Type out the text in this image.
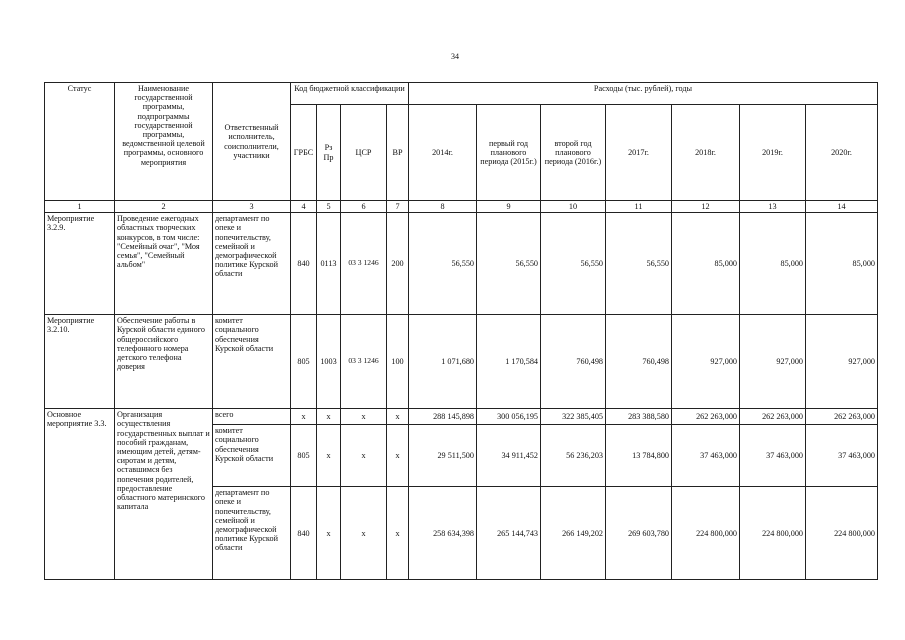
34
Статус	Наименование государственной программы, подпрограммы государственной программы, ведомственной целевой программы, основного мероприятия	Ответственный исполнитель, соисполнители, участники	Код бюджетной классификации				Расходы (тыс. рублей), годы						
			ГРБС	Рз Пр	ЦСР	ВР	2014г.	первый год планового периода (2015г.)	второй год планового периода (2016г.)	2017г.	2018г.	2019г.	2020г.
1	2	3	4	5	6	7	8	9	10	11	12	13	14
Мероприятие 3.2.9.	Проведение ежегодных областных творческих конкурсов, в том числе: "Семейный очаг", "Моя семья", "Семейный альбом"	департамент по опеке и попечительству, семейной и демографической политике Курской области	840	0113	03 3 1246	200	56,550	56,550	56,550	56,550	85,000	85,000	85,000
Мероприятие 3.2.10.	Обеспечение работы в Курской области единого общероссийского телефонного номера детского телефона доверия	комитет социального обеспечения Курской области	805	1003	03 3 1246	100	1 071,680	1 170,584	760,498	760,498	927,000	927,000	927,000
Основное мероприятие 3.3.	Организация осуществления государственных выплат и пособий гражданам, имеющим детей, детям-сиротам и детям, оставшимся без попечения родителей, предоставление областного материнского капитала	всего	x	x	x	x	288 145,898	300 056,195	322 385,405	283 388,580	262 263,000	262 263,000	262 263,000
		комитет социального обеспечения Курской области	805	x	x	x	29 511,500	34 911,452	56 236,203	13 784,800	37 463,000	37 463,000	37 463,000
		департамент по опеке и попечительству, семейной и демографической политике Курской области	840	x	x	x	258 634,398	265 144,743	266 149,202	269 603,780	224 800,000	224 800,000	224 800,000
